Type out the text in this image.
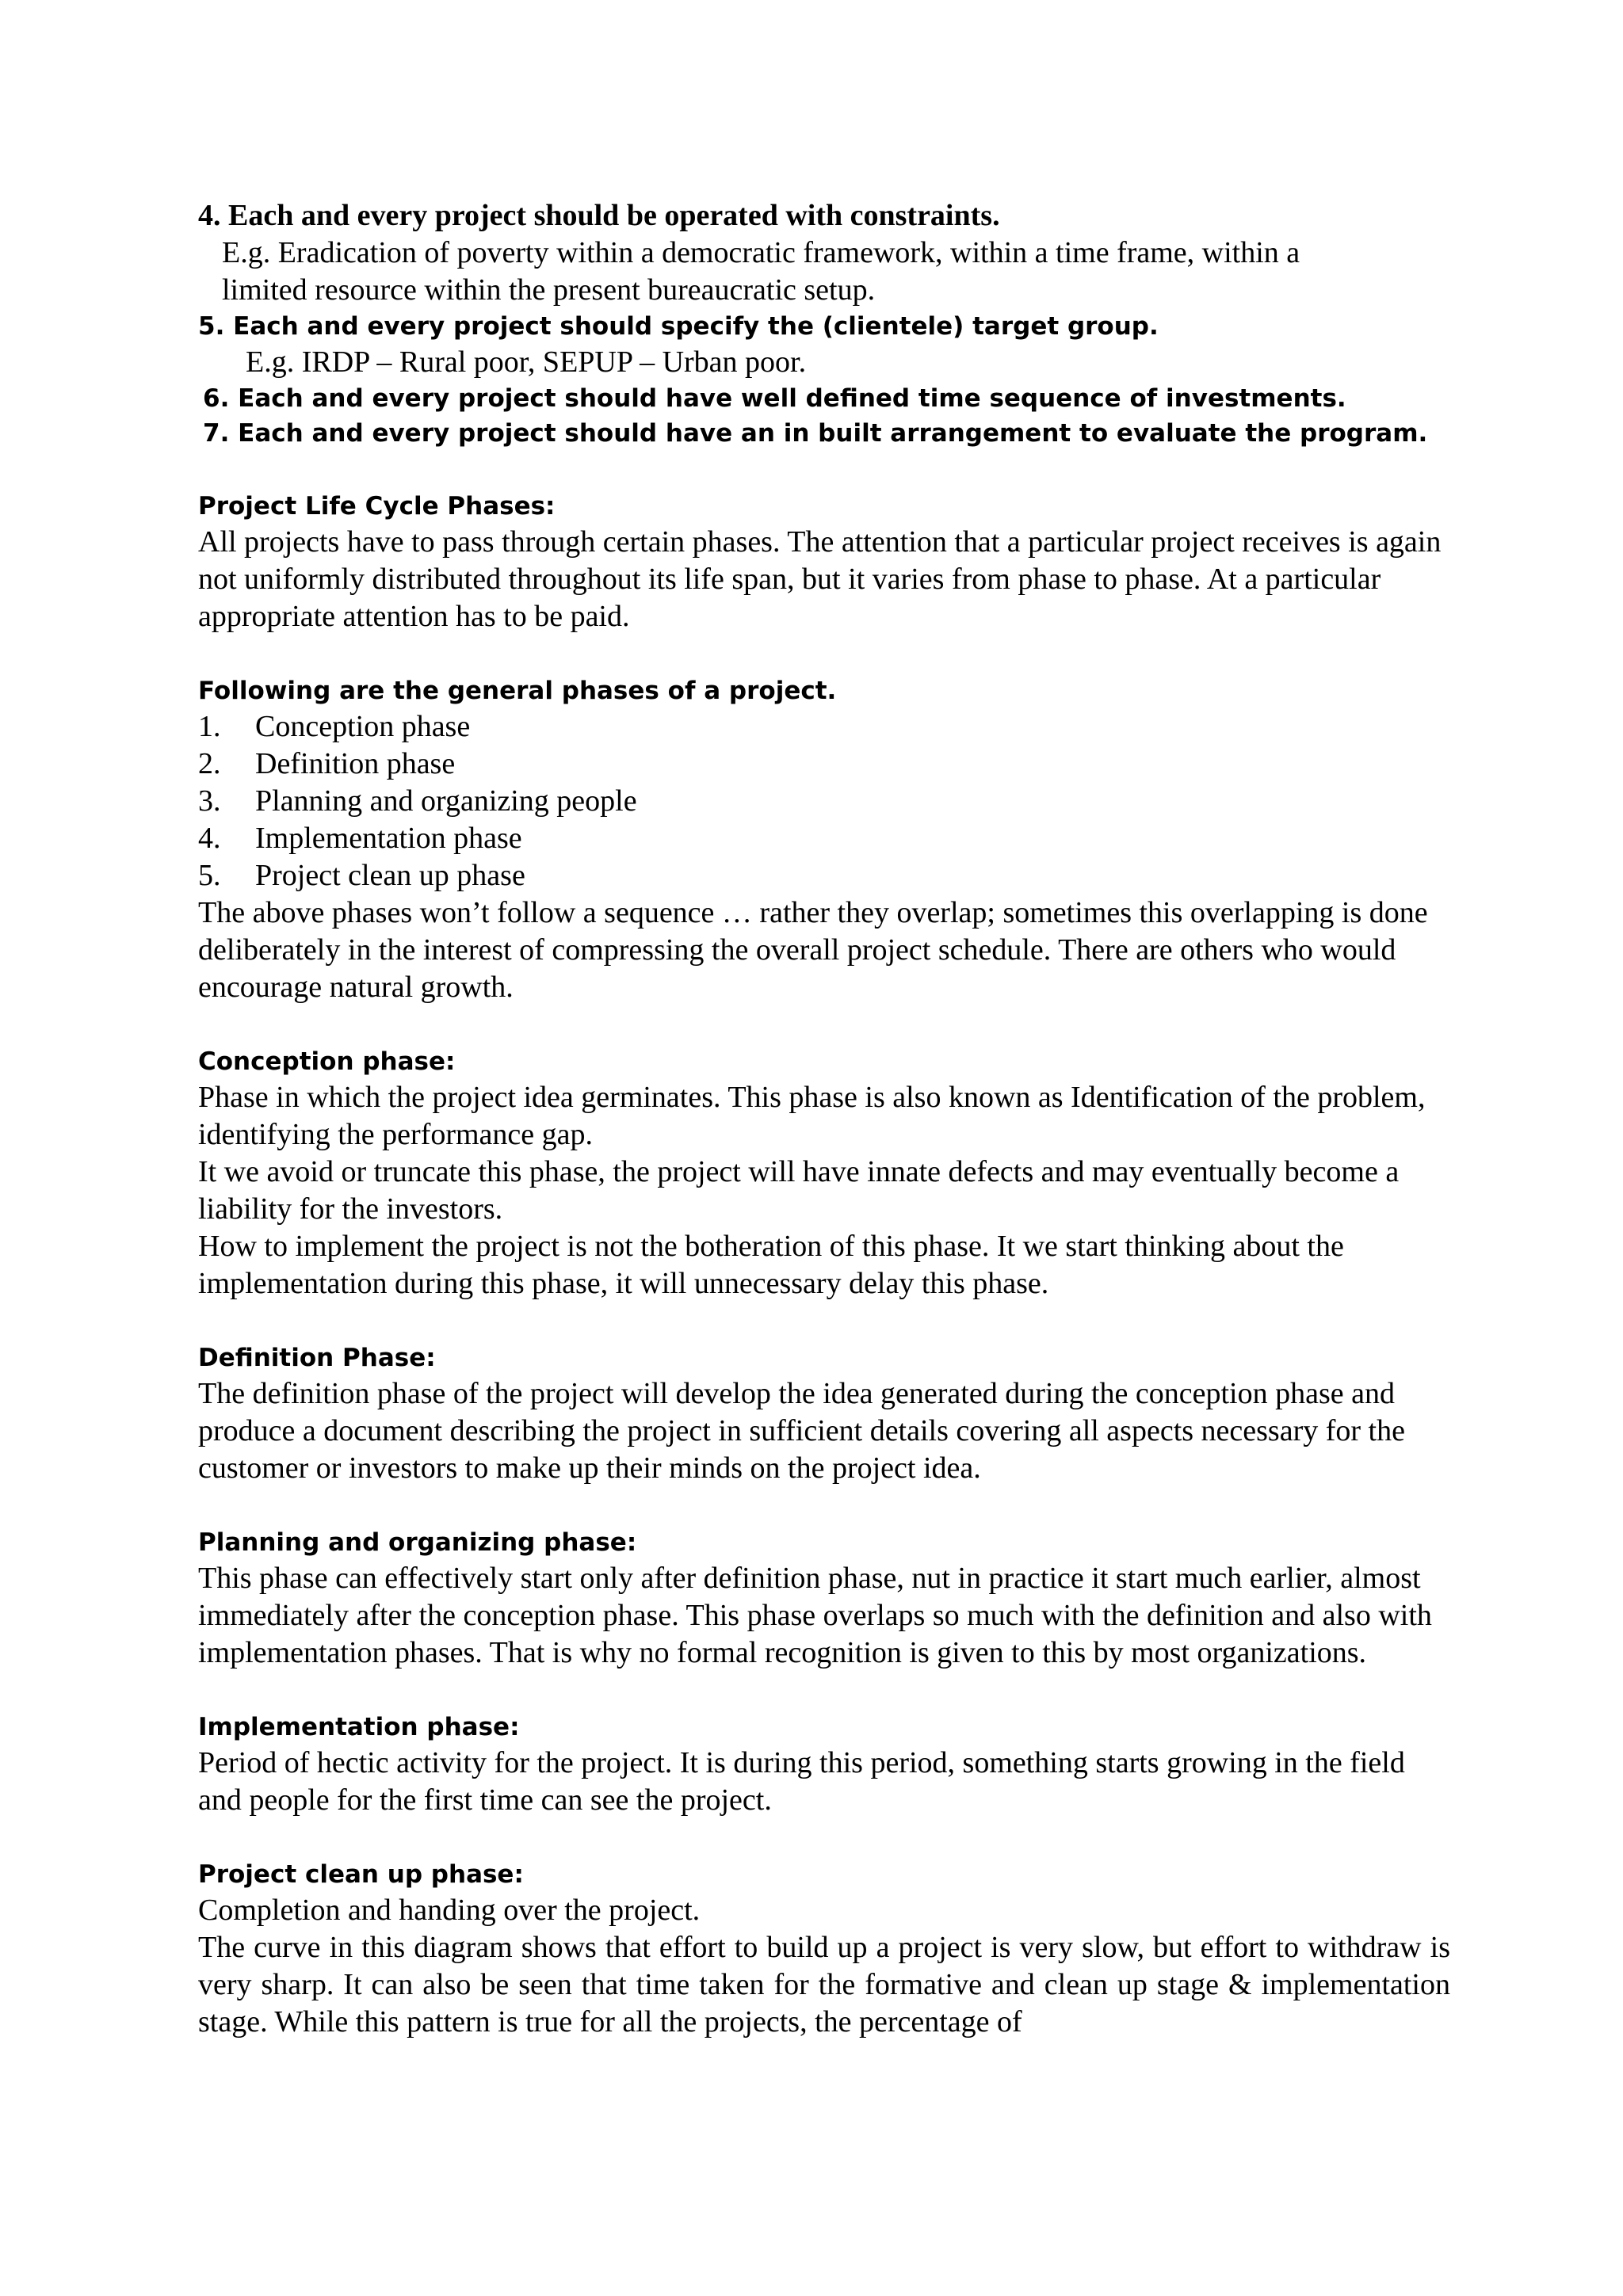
4. Each and every project should be operated with constraints.
E.g. Eradication of poverty within a democratic framework, within a time frame, within a
limited resource within the present bureaucratic setup.
5. Each and every project should specify the (clientele) target group.
E.g. IRDP – Rural poor, SEPUP – Urban poor.
6. Each and every project should have well defined time sequence of investments.
7. Each and every project should have an in built arrangement to evaluate the program.
Project Life Cycle Phases:
All projects have to pass through certain phases. The attention that a particular project receives is again not uniformly distributed throughout its life span, but it varies from phase to phase. At a particular appropriate attention has to be paid.
Following are the general phases of a project.
1.	Conception phase
2.	Definition phase
3.	Planning and organizing people
4.	Implementation phase
5.	Project clean up phase
The above phases won’t follow a sequence … rather they overlap; sometimes this overlapping is done deliberately in the interest of compressing the overall project schedule. There are others who would encourage natural growth.
Conception phase:
Phase in which the project idea germinates. This phase is also known as Identification of the problem, identifying the performance gap.
It we avoid or truncate this phase, the project will have innate defects and may eventually become a liability for the investors.
How to implement the project is not the botheration of this phase. It we start thinking about the implementation during this phase, it will unnecessary delay this phase.
Definition Phase:
The definition phase of the project will develop the idea generated during the conception phase and produce a document describing the project in sufficient details covering all aspects necessary for the customer or investors to make up their minds on the project idea.
Planning and organizing phase:
This phase can effectively start only after definition phase, nut in practice it start much earlier, almost immediately after the conception phase. This phase overlaps so much with the definition and also with implementation phases. That is why no formal recognition is given to this by most organizations.
Implementation phase:
Period of hectic activity for the project. It is during this period, something starts growing in the field and people for the first time can see the project.
Project clean up phase:
Completion and handing over the project.
The curve in this diagram shows that effort to build up a project is very slow, but effort to withdraw is very sharp. It can also be seen that time taken for the formative and clean up stage & implementation stage. While this pattern is true for all the projects, the percentage of
